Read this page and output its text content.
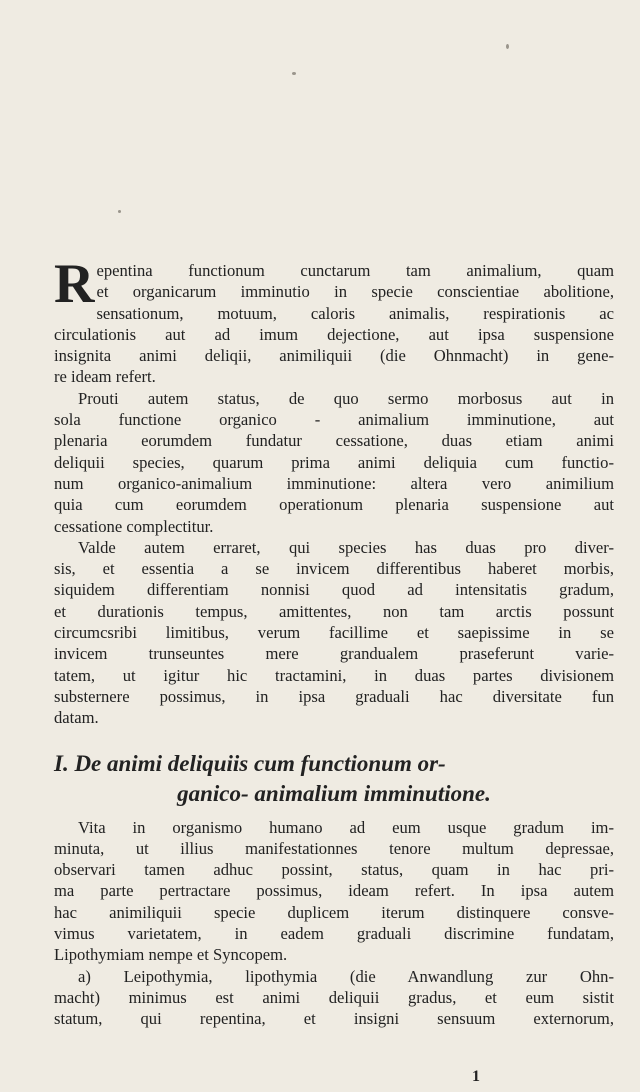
R epentina functionum cunctarum tam animalium, quam
et organicarum imminutio in specie conscientiae abolitione,
sensationum, motuum, caloris animalis, respirationis ac
circulationis aut ad imum dejectione, aut ipsa suspensione
insignita animi deliqii, animiliquii (die Ohnmacht) in gene-
re ideam refert.
Prouti autem status, de quo sermo morbosus aut in
sola functione organico - animalium imminutione, aut
plenaria eorumdem fundatur cessatione, duas etiam animi
deliquii species, quarum prima animi deliquia cum functio-
num organico-animalium imminutione: altera vero animilium
quia cum eorumdem operationum plenaria suspensione aut
cessatione complectitur.
Valde autem erraret, qui species has duas pro diver-
sis, et essentia a se invicem differentibus haberet morbis,
siquidem differentiam nonnisi quod ad intensitatis gradum,
et durationis tempus, amittentes, non tam arctis possunt
circumcsribi limitibus, verum facillime et saepissime in se
invicem trunseuntes mere grandualem praseferunt varie-
tatem, ut igitur hic tractamini, in duas partes divisionem
substernere possimus, in ipsa graduali hac diversitate fun
datam.
I. De animi deliquiis cum functionum or-
ganico- animalium imminutione.
Vita in organismo humano ad eum usque gradum im-
minuta, ut illius manifestationnes tenore multum depressae,
observari tamen adhuc possint, status, quam in hac pri-
ma parte pertractare possimus, ideam refert. In ipsa autem
hac animiliquii specie duplicem iterum distinquere consve-
vimus varietatem, in eadem graduali discrimine fundatam,
Lipothymiam nempe et Syncopem.
a) Leipothymia, lipothymia (die Anwandlung zur Ohn-
macht) minimus est animi deliquii gradus, et eum sistit
statum, qui repentina, et insigni sensuum externorum,
1
